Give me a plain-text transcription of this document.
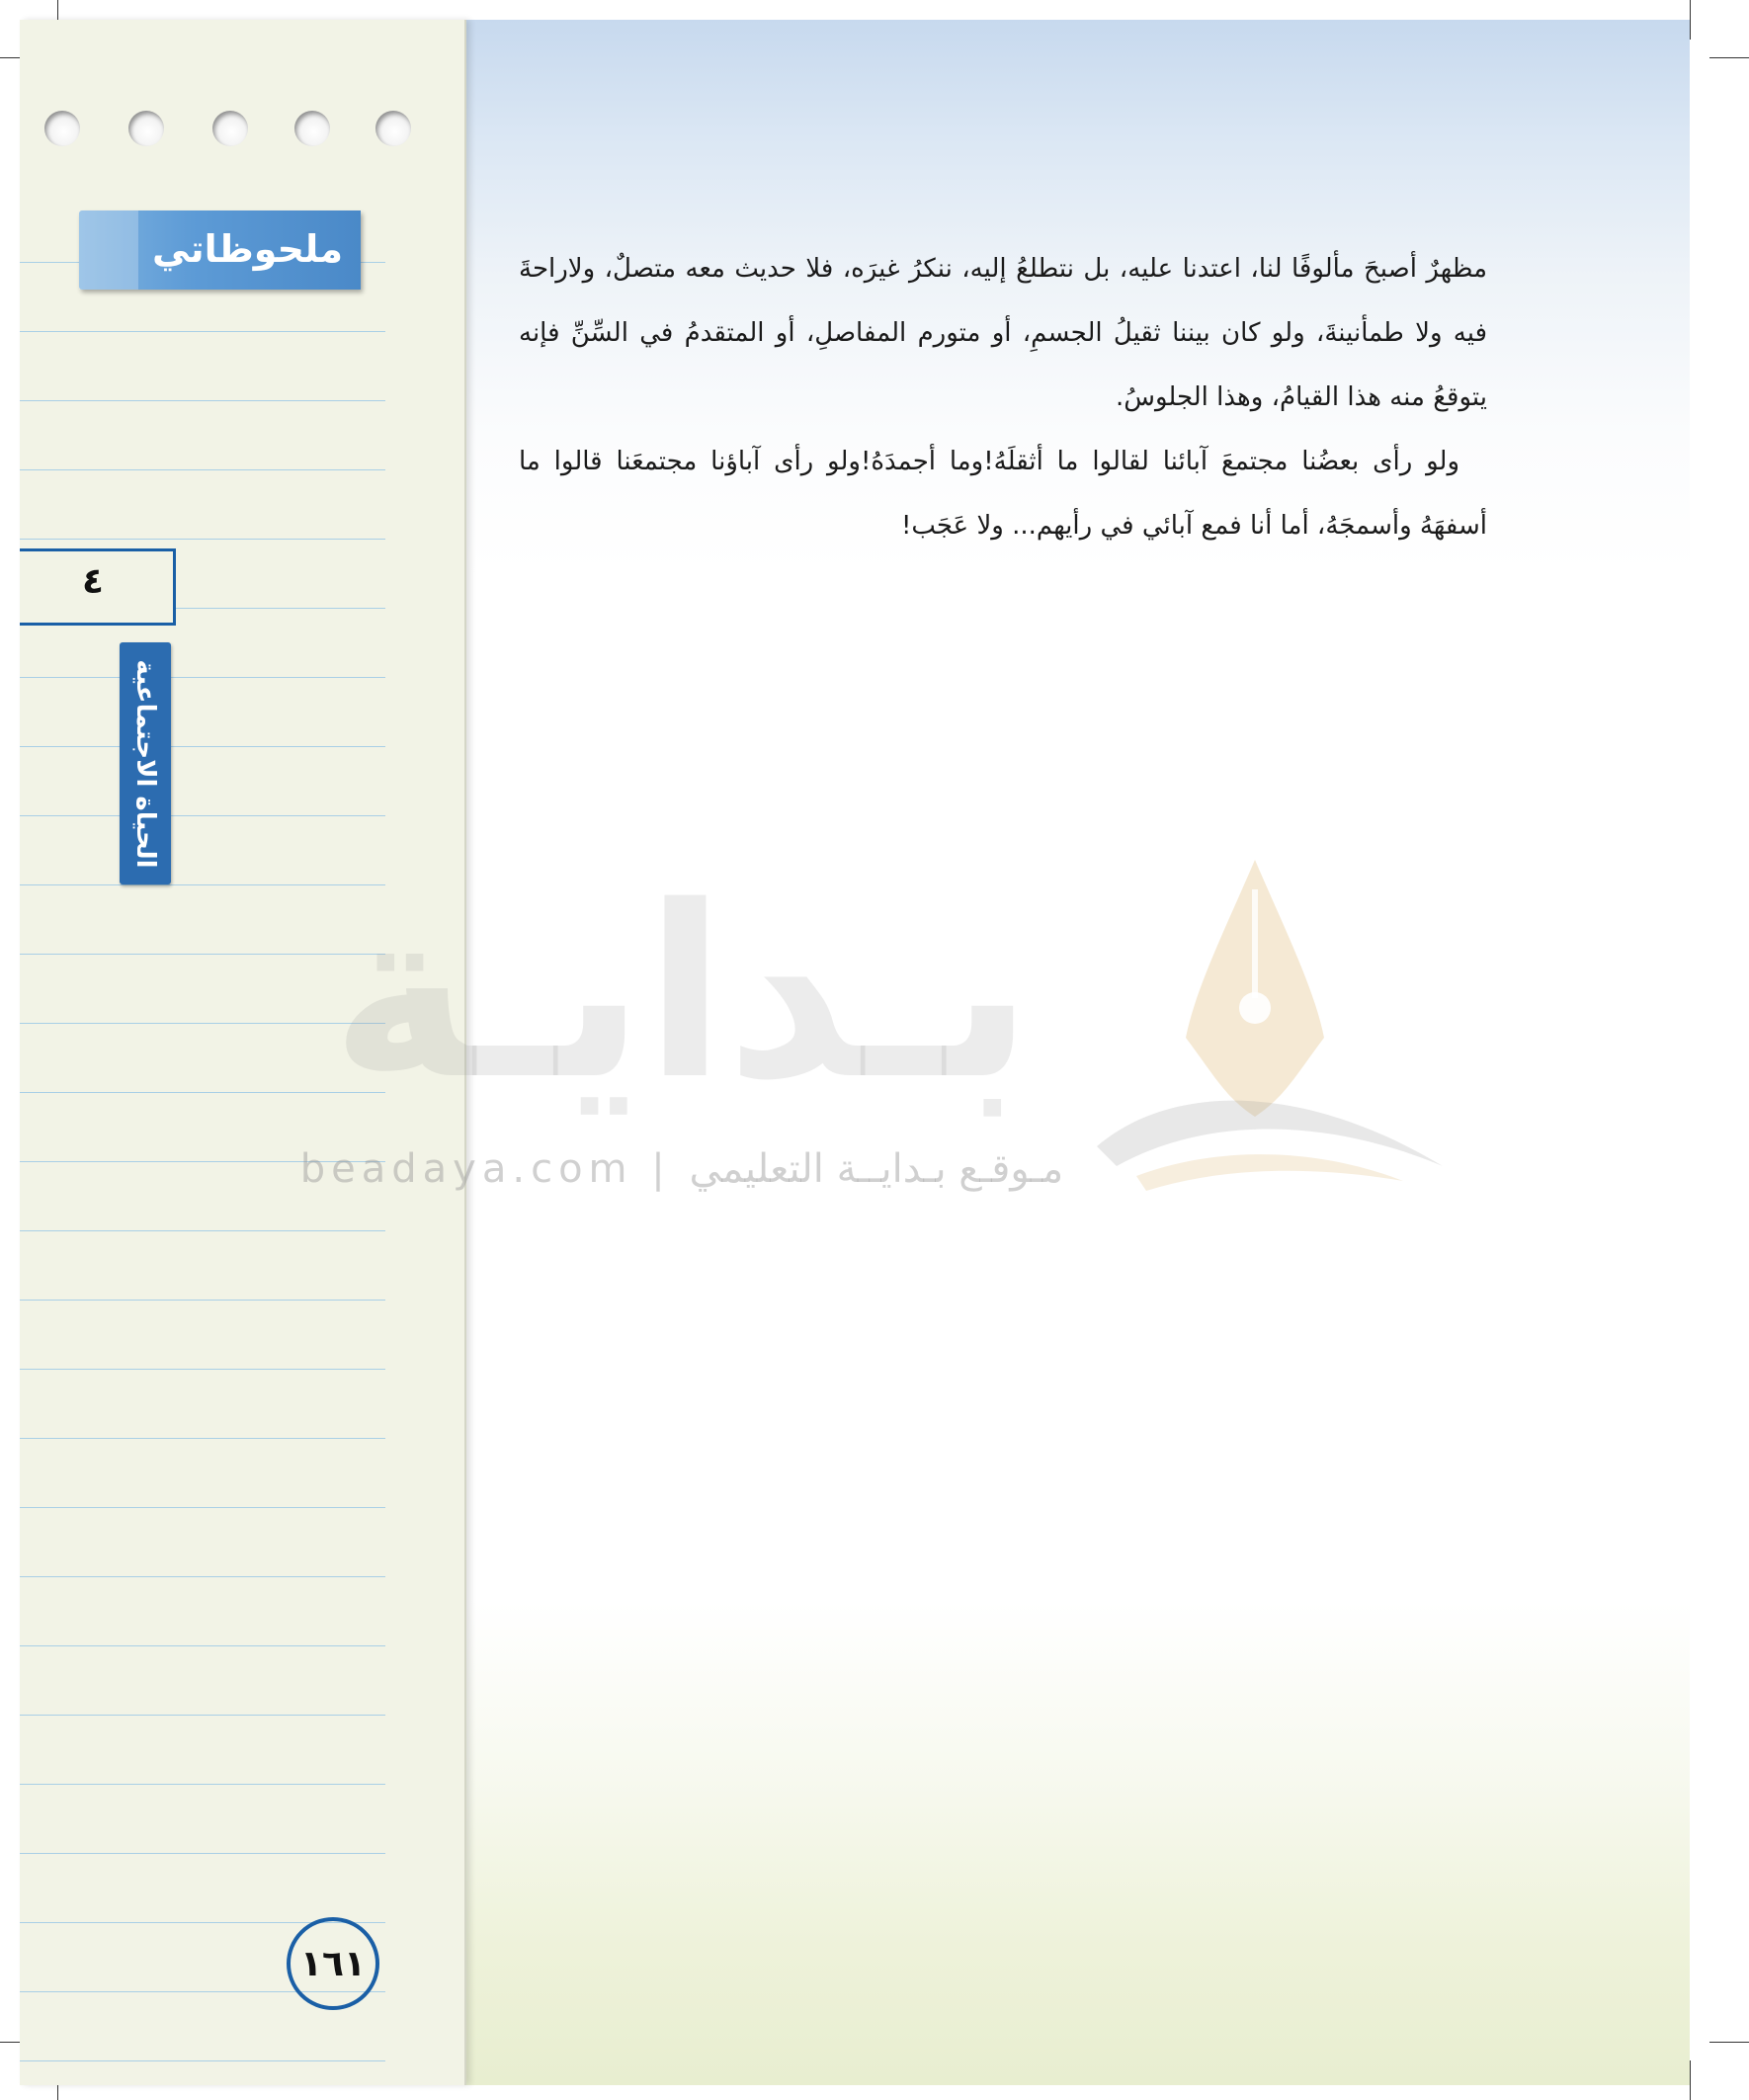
ملحوظاتي
٤
الحياة الاجتماعية
١٦١
beadaya.com | مـوقـع بـدايــة التعليمي

مظهرٌ أصبحَ مألوفًا لنا، اعتدنا عليه، بل نتطلعُ إليه، ننكرُ غيرَه، فلا حديث معه متصلٌ، ولاراحةَ فيه ولا طمأنينةَ، ولو كان بيننا ثقيلُ الجسمِ، أو متورم المفاصلِ، أو المتقدمُ في السِّنِّ فإنه يتوقعُ منه هذا القيامُ، وهذا الجلوسُ.

ولو رأى بعضُنا مجتمعَ آبائنا لقالوا ما أثقلَهُ!وما أجمدَهُ!ولو رأى آباؤنا مجتمعَنا قالوا ما أسفهَهُ وأسمجَهُ، أما أنا فمع آبائي في رأيهم... ولا عَجَب!
